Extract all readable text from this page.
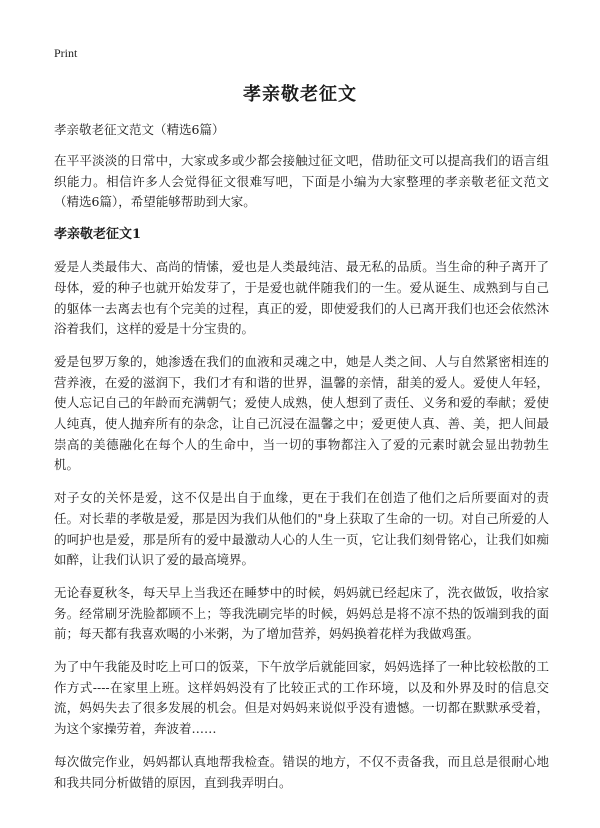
Print
孝亲敬老征文

孝亲敬老征文范文（精选6篇）

在平平淡淡的日常中，大家或多或少都会接触过征文吧，借助征文可以提高我们的语言组织能力。相信许多人会觉得征文很难写吧，下面是小编为大家整理的孝亲敬老征文范文（精选6篇），希望能够帮助到大家。

孝亲敬老征文1

爱是人类最伟大、高尚的情愫，爱也是人类最纯洁、最无私的品质。当生命的种子离开了母体，爱的种子也就开始发芽了，于是爱也就伴随我们的一生。爱从诞生、成熟到与自己的躯体一去离去也有个完美的过程，真正的爱，即使爱我们的人已离开我们也还会依然沐浴着我们，这样的爱是十分宝贵的。

爱是包罗万象的，她渗透在我们的血液和灵魂之中，她是人类之间、人与自然紧密相连的营养液，在爱的滋润下，我们才有和谐的世界，温馨的亲情，甜美的爱人。爱使人年轻，使人忘记自己的年龄而充满朝气；爱使人成熟，使人想到了责任、义务和爱的奉献；爱使人纯真，使人抛弃所有的杂念，让自己沉浸在温馨之中；爱更使人真、善、美，把人间最崇高的美德融化在每个人的生命中，当一切的事物都注入了爱的元素时就会显出勃勃生机。

对子女的关怀是爱，这不仅是出自于血缘，更在于我们在创造了他们之后所要面对的责任。对长辈的孝敬是爱，那是因为我们从他们的"身上获取了生命的一切。对自己所爱的人的呵护也是爱，那是所有的爱中最激动人心的人生一页，它让我们刻骨铭心，让我们如痴如醉，让我们认识了爱的最高境界。

无论春夏秋冬，每天早上当我还在睡梦中的时候，妈妈就已经起床了，洗衣做饭，收拾家务。经常刷牙洗脸都顾不上；等我洗刷完毕的时候，妈妈总是将不凉不热的饭端到我的面前；每天都有我喜欢喝的小米粥，为了增加营养，妈妈换着花样为我做鸡蛋。

为了中午我能及时吃上可口的饭菜，下午放学后就能回家，妈妈选择了一种比较松散的工作方式----在家里上班。这样妈妈没有了比较正式的工作环境，以及和外界及时的信息交流，妈妈失去了很多发展的机会。但是对妈妈来说似乎没有遗憾。一切都在默默承受着，为这个家操劳着，奔波着……

每次做完作业，妈妈都认真地帮我检查。错误的地方，不仅不责备我，而且总是很耐心地和我共同分析做错的原因，直到我弄明白。
